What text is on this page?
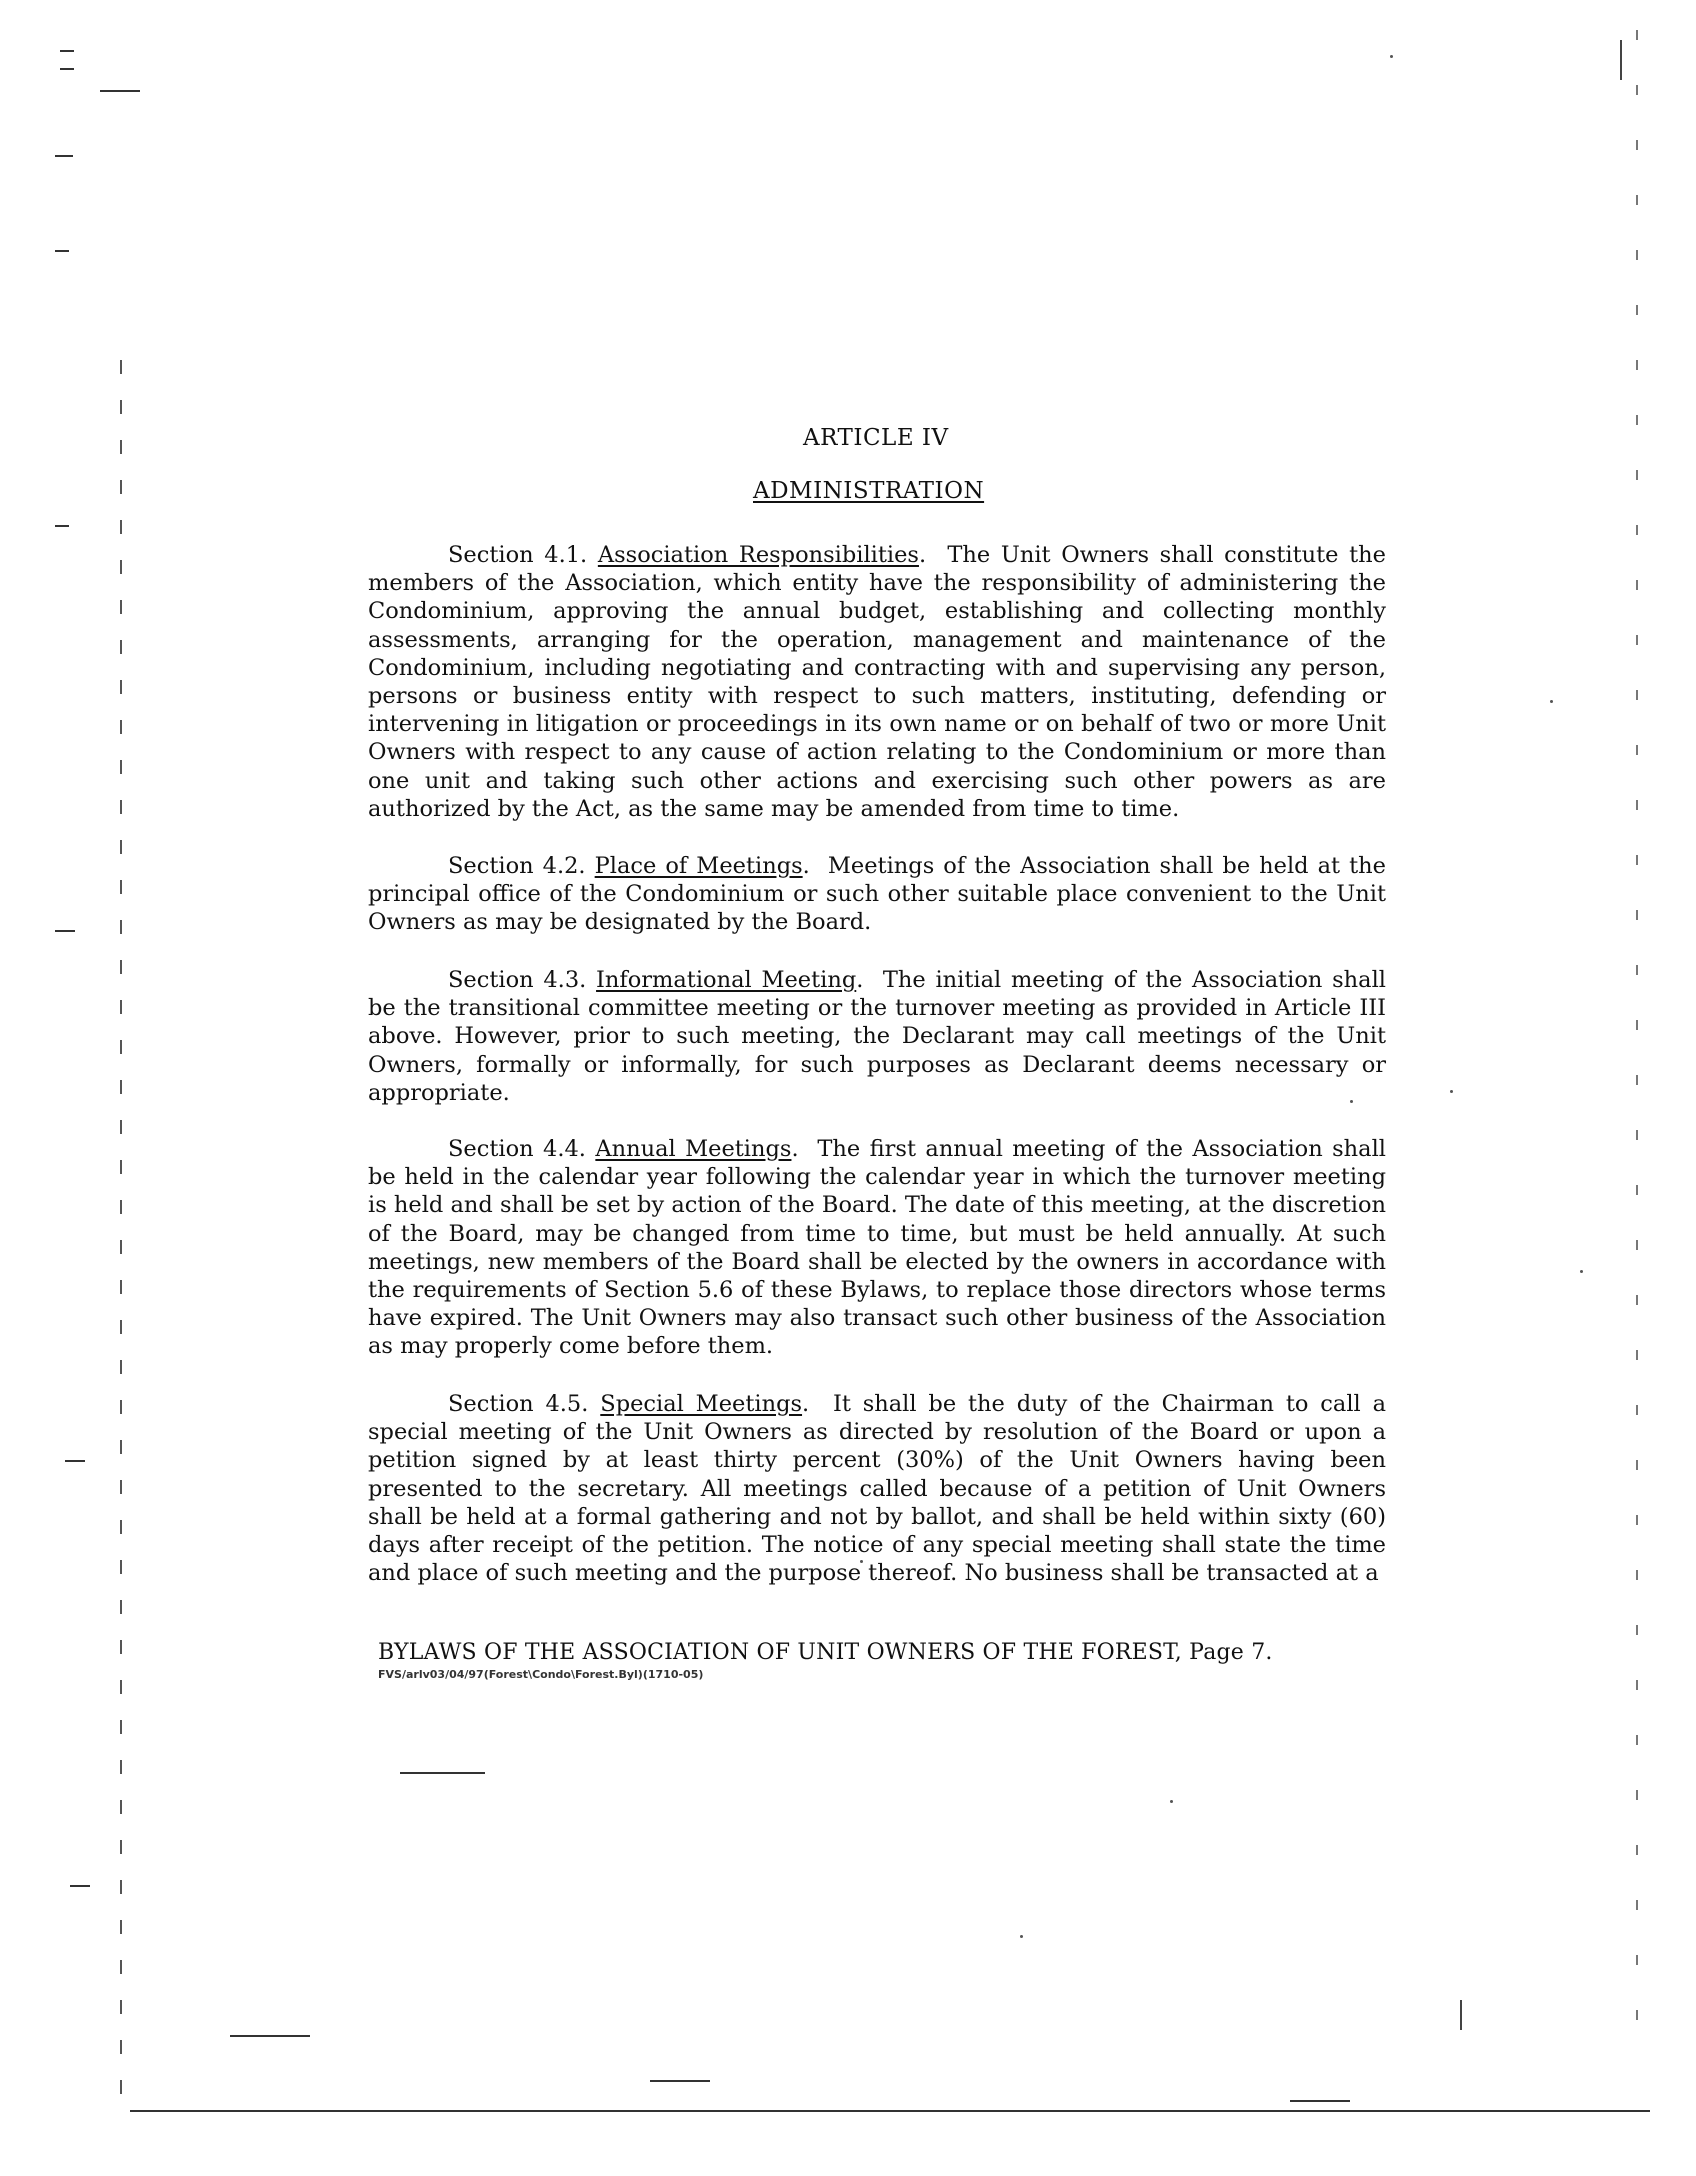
ARTICLE IV
ADMINISTRATION
Section 4.1. Association Responsibilities.  The Unit Owners shall constitute the members of the Association, which entity have the responsibility of administering the Condominium, approving the annual budget, establishing and collecting monthly assessments, arranging for the operation, management and maintenance of the Condominium, including negotiating and contracting with and supervising any person, persons or business entity with respect to such matters, instituting, defending or intervening in litigation or proceedings in its own name or on behalf of two or more Unit Owners with respect to any cause of action relating to the Condominium or more than one unit and taking such other actions and exercising such other powers as are authorized by the Act, as the same may be amended from time to time.
Section 4.2. Place of Meetings.  Meetings of the Association shall be held at the principal office of the Condominium or such other suitable place convenient to the Unit Owners as may be designated by the Board.
Section 4.3. Informational Meeting.  The initial meeting of the Association shall be the transitional committee meeting or the turnover meeting as provided in Article III above. However, prior to such meeting, the Declarant may call meetings of the Unit Owners, formally or informally, for such purposes as Declarant deems necessary or appropriate.
Section 4.4. Annual Meetings.  The first annual meeting of the Association shall be held in the calendar year following the calendar year in which the turnover meeting is held and shall be set by action of the Board. The date of this meeting, at the discretion of the Board, may be changed from time to time, but must be held annually. At such meetings, new members of the Board shall be elected by the owners in accordance with the requirements of Section 5.6 of these Bylaws, to replace those directors whose terms have expired. The Unit Owners may also transact such other business of the Association as may properly come before them.
Section 4.5. Special Meetings.  It shall be the duty of the Chairman to call a special meeting of the Unit Owners as directed by resolution of the Board or upon a petition signed by at least thirty percent (30%) of the Unit Owners having been presented to the secretary. All meetings called because of a petition of Unit Owners shall be held at a formal gathering and not by ballot, and shall be held within sixty (60) days after receipt of the petition. The notice of any special meeting shall state the time and place of such meeting and the purpose thereof. No business shall be transacted at a
BYLAWS OF THE ASSOCIATION OF UNIT OWNERS OF THE FOREST, Page 7.
FVS/arlv03/04/97(Forest\Condo\Forest.Byl)(1710-05)
